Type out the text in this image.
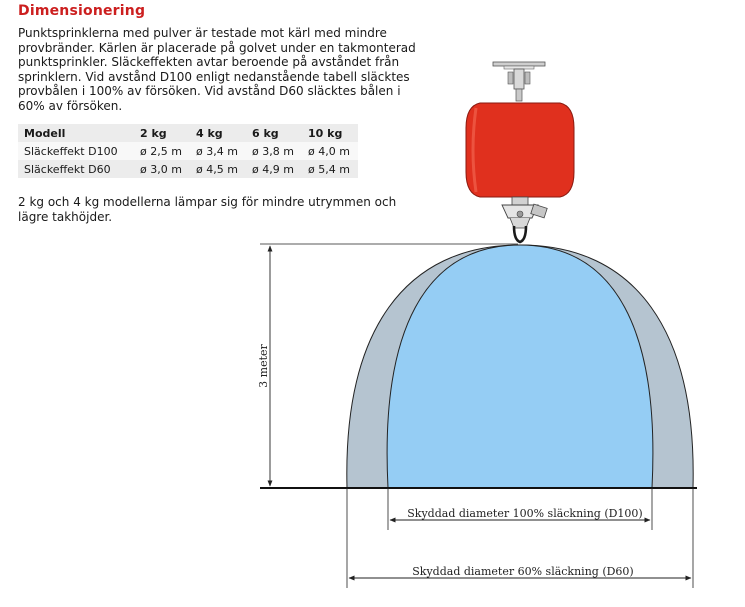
Dimensionering
Punktsprinklerna med pulver är testade mot kärl med mindre
provbränder. Kärlen är placerade på golvet under en takmonterad
punktsprinkler. Släckeffekten avtar beroende på avståndet från
sprinklern. Vid avstånd D100 enligt nedanstående tabell släcktes
provbålen i 100% av försöken. Vid avstånd D60 släcktes bålen i
60% av försöken.
Modell	2 kg	4 kg	6 kg	10 kg
Släckeffekt D100	ø 2,5 m	ø 3,4 m	ø 3,8 m	ø 4,0 m
Släckeffekt D60	ø 3,0 m	ø 4,5 m	ø 4,9 m	ø 5,4 m
2 kg och 4 kg modellerna lämpar sig för mindre utrymmen och
lägre takhöjder.
3 meter
Skyddad diameter 100% släckning (D100)
Skyddad diameter 60% släckning (D60)
